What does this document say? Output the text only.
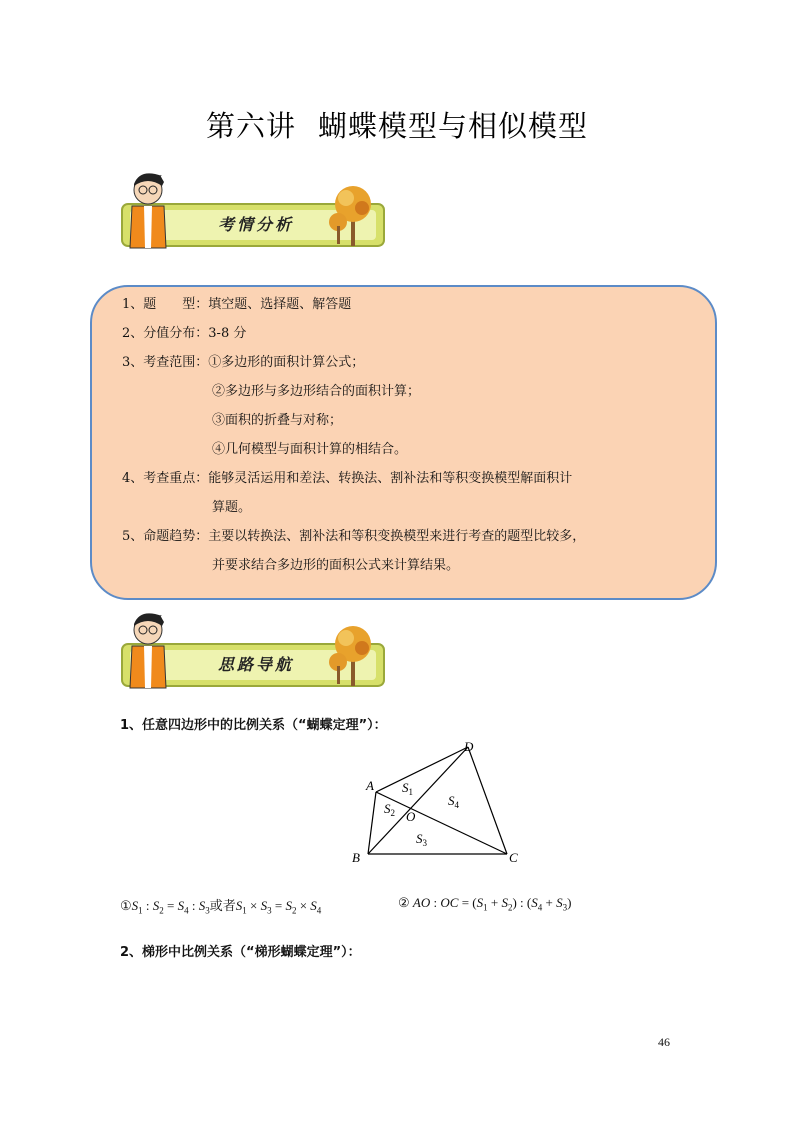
第六讲 蝴蝶模型与相似模型
考情分析
1、题　　型：填空题、选择题、解答题
2、分值分布：3-8 分
3、考查范围：①多边形的面积计算公式；
②多边形与多边形结合的面积计算；
③面积的折叠与对称；
④几何模型与面积计算的相结合。
4、考查重点：能够灵活运用和差法、转换法、割补法和等积变换模型解面积计
算题。
5、命题趋势：主要以转换法、割补法和等积变换模型来进行考查的题型比较多，
并要求结合多边形的面积公式来计算结果。
思路导航
1、任意四边形中的比例关系（“蝴蝶定理”）：
D
A
B	C
O
$S_1$
$S_2$
$S_3$
$S_4$
$①S_1$ : $S_2 = S_4$ : $S_3$或者$S_1 \times S_3 = S_2 \times S_4$
② AO : OC = $(S_1 + S_2)$ : $(S_4 + S_3)$
2、梯形中比例关系（“梯形蝴蝶定理”）：
46
